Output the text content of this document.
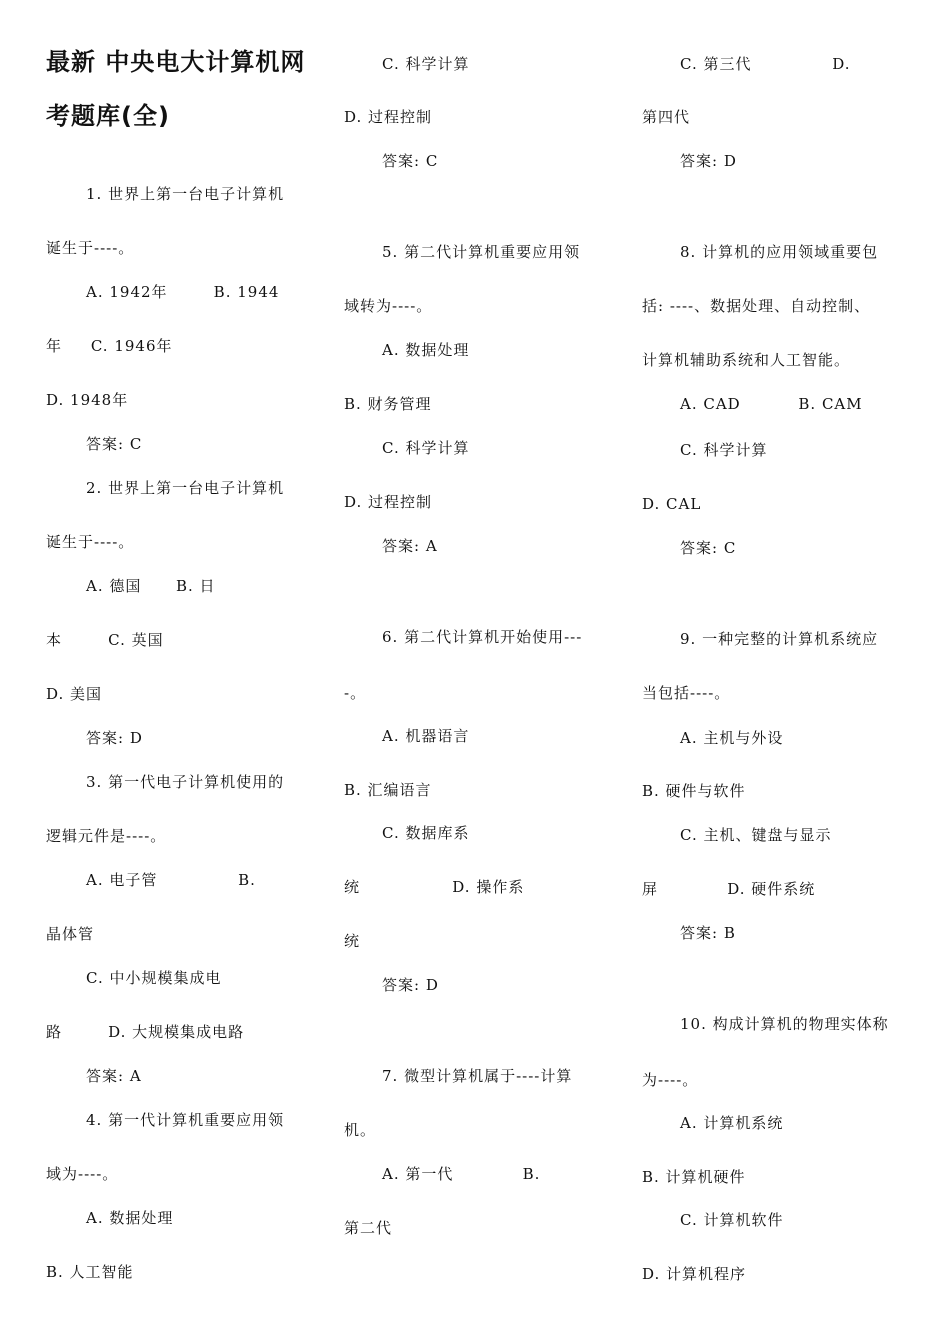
最新 中央电大计算机网
考题库(全)
1. 世界上第一台电子计算机
诞生于----。
A. 1942年        B. 1944
年     C. 1946年
D. 1948年
答案: C
2. 世界上第一台电子计算机
诞生于----。
A. 德国      B. 日
本        C. 英国
D. 美国
答案: D
3. 第一代电子计算机使用的
逻辑元件是----。
A. 电子管              B.
晶体管
C. 中小规模集成电
路        D. 大规模集成电路
答案: A
4. 第一代计算机重要应用领
域为----。
A. 数据处理
B. 人工智能
C. 科学计算
D. 过程控制
答案: C
5. 第二代计算机重要应用领
域转为----。
A. 数据处理
B. 财务管理
C. 科学计算
D. 过程控制
答案: A
6. 第二代计算机开始使用---
-。
A. 机器语言
B. 汇编语言
C. 数据库系
统                D. 操作系
统
答案: D
7. 微型计算机属于----计算
机。
A. 第一代            B.
第二代
C. 第三代              D.
第四代
答案: D
8. 计算机的应用领域重要包
括: ----、数据处理、自动控制、
计算机辅助系统和人工智能。
A. CAD          B. CAM
C. 科学计算
D. CAL
答案: C
9. 一种完整的计算机系统应
当包括----。
A. 主机与外设
B. 硬件与软件
C. 主机、键盘与显示
屏            D. 硬件系统
答案: B
10. 构成计算机的物理实体称
为----。
A. 计算机系统
B. 计算机硬件
C. 计算机软件
D. 计算机程序
